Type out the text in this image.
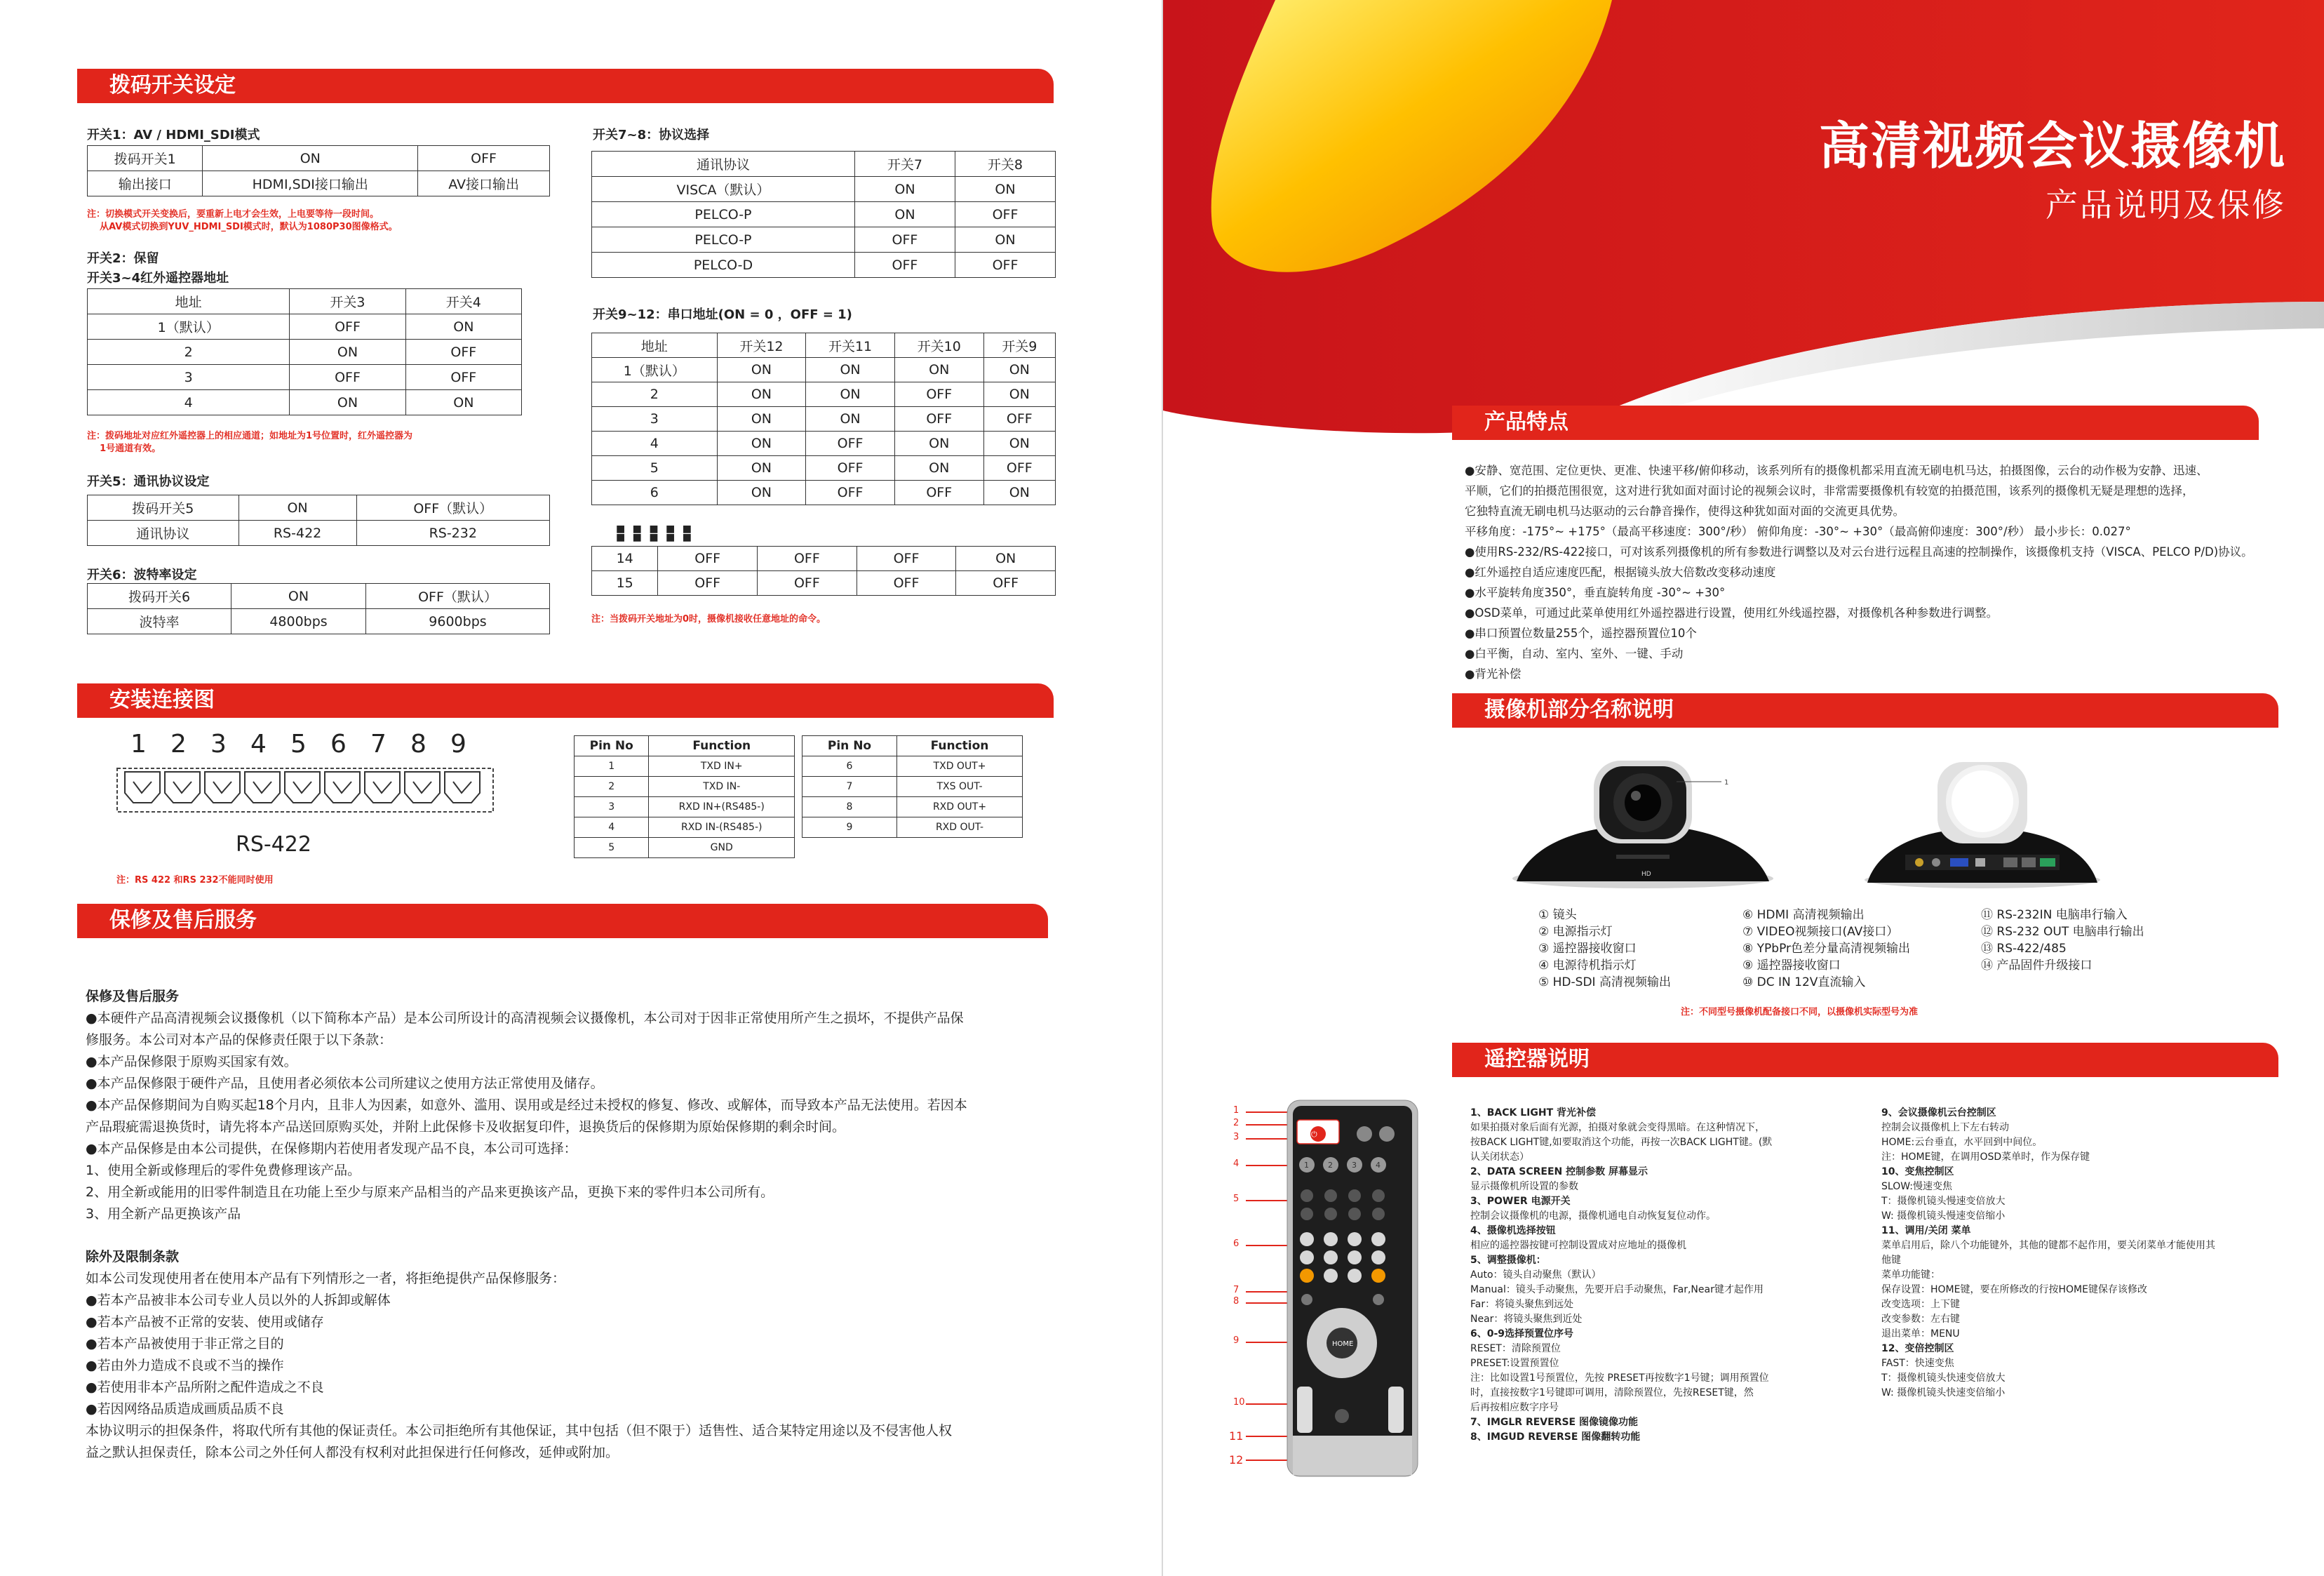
拨码开关设定
开关1：AV / HDMI_SDI模式
拨码开关1	ON	OFF
输出接口	HDMI,SDI接口输出	AV接口输出
注：切换模式开关变换后，要重新上电才会生效，上电要等待一段时间。
从AV模式切换到YUV_HDMI_SDI模式时，默认为1080P30图像格式。
开关2：保留
开关3~4红外遥控器地址
地址	开关3	开关4
1（默认）	OFF	ON
2	ON	OFF
3	OFF	OFF
4	ON	ON
注：拨码地址对应红外遥控器上的相应通道；如地址为1号位置时，红外遥控器为
1号通道有效。
开关5：通讯协议设定
拨码开关5	ON	OFF（默认）
通讯协议	RS-422	RS-232
开关6：波特率设定
拨码开关6	ON	OFF（默认）
波特率	4800bps	9600bps
开关7~8：协议选择
通讯协议	开关7	开关8
VISCA（默认）	ON	ON
PELCO-P	ON	OFF
PELCO-P	OFF	ON
PELCO-D	OFF	OFF
开关9~12：串口地址(ON = 0 ，OFF = 1)
地址	开关12	开关11	开关10	开关9
1（默认）	ON	ON	ON	ON
2	ON	ON	OFF	ON
3	ON	ON	OFF	OFF
4	ON	OFF	ON	ON
5	ON	OFF	ON	OFF
6	ON	OFF	OFF	ON
■ ■ ■ ■ ■
■ ■ ■ ■ ■
14	OFF	OFF	OFF	ON
15	OFF	OFF	OFF	OFF
注：当拨码开关地址为0时，摄像机接收任意地址的命令。
安装连接图
1 2 3 4 5 6 7 8 9
RS-422
注：RS 422 和RS 232不能同时使用
Pin No	Function
1	TXD IN+
2	TXD IN-
3	RXD IN+(RS485-)
4	RXD IN-(RS485-)
5	GND
Pin No	Function
6	TXD OUT+
7	TXS OUT-
8	RXD OUT+
9	RXD OUT-
保修及售后服务
保修及售后服务
●本硬件产品高清视频会议摄像机（以下简称本产品）是本公司所设计的高清视频会议摄像机，本公司对于因非正常使用所产生之损坏，不提供产品保
修服务。本公司对本产品的保修责任限于以下条款：
●本产品保修限于原购买国家有效。
●本产品保修限于硬件产品，且使用者必须依本公司所建议之使用方法正常使用及储存。
●本产品保修期间为自购买起18个月内，且非人为因素，如意外、滥用、误用或是经过未授权的修复、修改、或解体，而导致本产品无法使用。若因本
产品瑕疵需退换货时，请先将本产品送回原购买处，并附上此保修卡及收据复印件，退换货后的保修期为原始保修期的剩余时间。
●本产品保修是由本公司提供，在保修期内若使用者发现产品不良，本公司可选择：
1、使用全新或修理后的零件免费修理该产品。
2、用全新或能用的旧零件制造且在功能上至少与原来产品相当的产品来更换该产品，更换下来的零件归本公司所有。
3、用全新产品更换该产品
除外及限制条款
如本公司发现使用者在使用本产品有下列情形之一者，将拒绝提供产品保修服务：
●若本产品被非本公司专业人员以外的人拆卸或解体
●若本产品被不正常的安装、使用或储存
●若本产品被使用于非正常之目的
●若由外力造成不良或不当的操作
●若使用非本产品所附之配件造成之不良
●若因网络品质造成画质品质不良
本协议明示的担保条件，将取代所有其他的保证责任。本公司拒绝所有其他保证，其中包括（但不限于）适售性、适合某特定用途以及不侵害他人权
益之默认担保责任，除本公司之外任何人都没有权利对此担保进行任何修改，延伸或附加。
高清视频会议摄像机
产品说明及保修
产品特点
●安静、宽范围、定位更快、更准、快速平移/俯仰移动，该系列所有的摄像机都采用直流无刷电机马达，拍摄图像，云台的动作极为安静、迅速、
平顺，它们的拍摄范围很宽，这对进行犹如面对面讨论的视频会议时，非常需要摄像机有较宽的拍摄范围，该系列的摄像机无疑是理想的选择，
它独特直流无刷电机马达驱动的云台静音操作，使得这种犹如面对面的交流更具优势。
平移角度：-175°~ +175°（最高平移速度：300°/秒） 俯仰角度：-30°~ +30°（最高俯仰速度：300°/秒） 最小步长：0.027°
●使用RS-232/RS-422接口，可对该系列摄像机的所有参数进行调整以及对云台进行远程且高速的控制操作，该摄像机支持（VISCA、PELCO P/D)协议。
●红外遥控自适应速度匹配，根据镜头放大倍数改变移动速度
●水平旋转角度350°，垂直旋转角度 -30°~ +30°
●OSD菜单，可通过此菜单使用红外遥控器进行设置，使用红外线遥控器，对摄像机各种参数进行调整。
●串口预置位数量255个，遥控器预置位10个
●白平衡，自动、室内、室外、一键、手动
●背光补偿
摄像机部分名称说明
HD
1
① 镜头
② 电源指示灯
③ 遥控器接收窗口
④ 电源待机指示灯
⑤ HD-SDI 高清视频输出
⑥ HDMI 高清视频输出
⑦ VIDEO视频接口(AV接口）
⑧ YPbPr色差分量高清视频输出
⑨ 遥控器接收窗口
⑩ DC IN 12V直流输入
⑪ RS-232IN 电脑串行输入
⑫ RS-232 OUT 电脑串行输出
⑬ RS-422/485
⑭ 产品固件升级接口
注：不同型号摄像机配备接口不同，以摄像机实际型号为准
遥控器说明
1
2
3
4
5
6
7
8
9
10
11
12
⏻
1 2 3 4
HOME
1、BACK LIGHT 背光补偿
如果拍摄对象后面有光源，拍摄对象就会变得黑暗。在这种情况下，
按BACK LIGHT键,如要取消这个功能，再按一次BACK LIGHT键。(默
认关闭状态）
2、DATA SCREEN 控制参数 屏幕显示
显示摄像机所设置的参数
3、POWER 电源开关
控制会议摄像机的电源，摄像机通电自动恢复复位动作。
4、摄像机选择按钮
相应的遥控器按键可控制设置成对应地址的摄像机
5、调整摄像机：
Auto：镜头自动聚焦（默认）
Manual：镜头手动聚焦，先要开启手动聚焦，Far,Near键才起作用
Far：将镜头聚焦到远处
Near：将镜头聚焦到近处
6、0-9选择预置位序号
RESET：清除预置位
PRESET:设置预置位
注：比如设置1号预置位，先按 PRESET再按数字1号键；调用预置位
时，直接按数字1号键即可调用，清除预置位，先按RESET键，然
后再按相应数字序号
7、IMGLR REVERSE 图像镜像功能
8、IMGUD REVERSE 图像翻转功能
9、会议摄像机云台控制区
控制会议摄像机上下左右转动
HOME:云台垂直，水平回到中间位。
注：HOME键，在调用OSD菜单时，作为保存键
10、变焦控制区
SLOW:慢速变焦
T：摄像机镜头慢速变倍放大
W: 摄像机镜头慢速变倍缩小
11、调用/关闭 菜单
菜单启用后，除八个功能键外，其他的键都不起作用，要关闭菜单才能使用其
他键
菜单功能键：
保存设置：HOME键，要在所修改的行按HOME键保存该修改
改变选项：上下键
改变参数：左右键
退出菜单：MENU
12、变倍控制区
FAST：快速变焦
T：摄像机镜头快速变倍放大
W: 摄像机镜头快速变倍缩小
